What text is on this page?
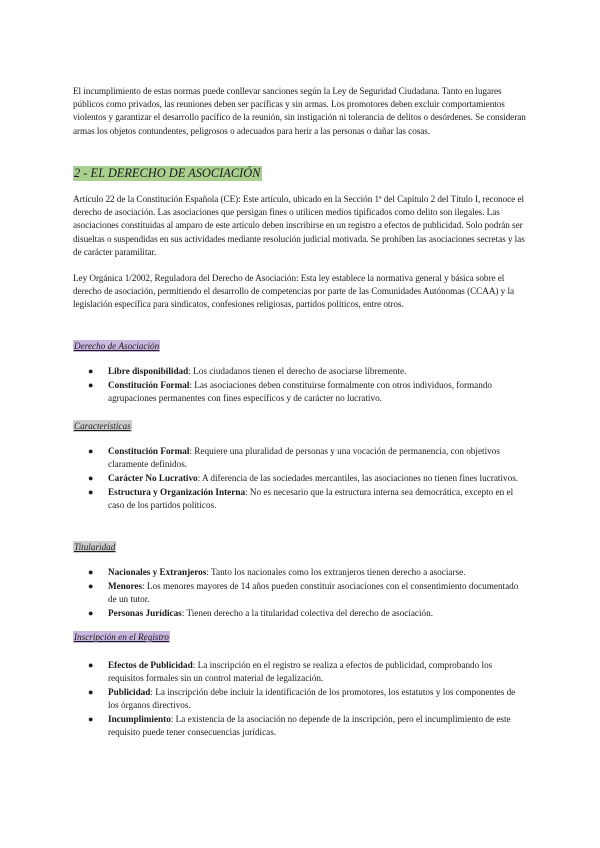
El incumplimiento de estas normas puede conllevar sanciones según la Ley de Seguridad Ciudadana. Tanto en lugares públicos como privados, las reuniones deben ser pacíficas y sin armas. Los promotores deben excluir comportamientos violentos y garantizar el desarrollo pacífico de la reunión, sin instigación ni tolerancia de delitos o desórdenes. Se consideran armas los objetos contundentes, peligrosos o adecuados para herir a las personas o dañar las cosas.

2 - EL DERECHO DE ASOCIACIÓN

Artículo 22 de la Constitución Española (CE): Este artículo, ubicado en la Sección 1ª del Capítulo 2 del Título I, reconoce el derecho de asociación. Las asociaciones que persigan fines o utilicen medios tipificados como delito son ilegales. Las asociaciones constituidas al amparo de este artículo deben inscribirse en un registro a efectos de publicidad. Solo podrán ser disueltas o suspendidas en sus actividades mediante resolución judicial motivada. Se prohíben las asociaciones secretas y las de carácter paramilitar.

Ley Orgánica 1/2002, Reguladora del Derecho de Asociación: Esta ley establece la normativa general y básica sobre el derecho de asociación, permitiendo el desarrollo de competencias por parte de las Comunidades Autónomas (CCAA) y la legislación específica para sindicatos, confesiones religiosas, partidos políticos, entre otros.

Derecho de Asociación
● Libre disponibilidad: Los ciudadanos tienen el derecho de asociarse libremente.
● Constitución Formal: Las asociaciones deben constituirse formalmente con otros individuos, formando agrupaciones permanentes con fines específicos y de carácter no lucrativo.
Características
● Constitución Formal: Requiere una pluralidad de personas y una vocación de permanencia, con objetivos claramente definidos.
● Carácter No Lucrativo: A diferencia de las sociedades mercantiles, las asociaciones no tienen fines lucrativos.
● Estructura y Organización Interna: No es necesario que la estructura interna sea democrática, excepto en el caso de los partidos políticos.
Titularidad
● Nacionales y Extranjeros: Tanto los nacionales como los extranjeros tienen derecho a asociarse.
● Menores: Los menores mayores de 14 años pueden constituir asociaciones con el consentimiento documentado de un tutor.
● Personas Jurídicas: Tienen derecho a la titularidad colectiva del derecho de asociación.
Inscripción en el Registro
● Efectos de Publicidad: La inscripción en el registro se realiza a efectos de publicidad, comprobando los requisitos formales sin un control material de legalización.
● Publicidad: La inscripción debe incluir la identificación de los promotores, los estatutos y los componentes de los órganos directivos.
● Incumplimiento: La existencia de la asociación no depende de la inscripción, pero el incumplimiento de este requisito puede tener consecuencias jurídicas.
